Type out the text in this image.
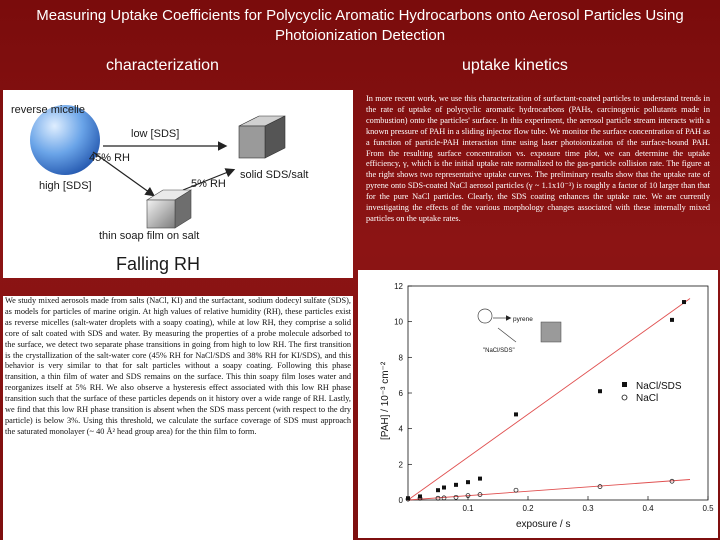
Measuring Uptake Coefficients for Polycyclic Aromatic Hydrocarbons onto Aerosol Particles Using Photoionization Detection
characterization	uptake kinetics
reverse micelle
low [SDS]
45% RH
high [SDS]	5% RH
solid SDS/salt
thin soap film on salt
Falling RH
We study mixed aerosols made from salts (NaCl, KI) and the surfactant, sodium dodecyl sulfate (SDS), as models for particles of marine origin. At high values of relative humidity (RH), these particles exist as reverse micelles (salt-water droplets with a soapy coating), while at low RH, they comprise a solid core of salt coated with SDS and water. By measuring the properties of a probe molecule adsorbed to the surface, we detect two separate phase transitions in going from high to low RH. The first transition is the crystallization of the salt-water core (45% RH for NaCl/SDS and 38% RH for KI/SDS), and this behavior is very similar to that for salt particles without a soapy coating. Following this phase transition, a thin film of water and SDS remains on the surface. This thin soapy film loses water and reorganizes itself at 5% RH. We also observe a hysteresis effect associated with this low RH phase transition such that the surface of these particles depends on it history over a wide range of RH. Lastly, we find that this low RH phase transition is absent when the SDS mass percent (with respect to the dry particle) is below 3%. Using this threshold, we calculate the surface coverage of SDS must approach the saturated monolayer (~ 40 Å² head group area) for the thin film to form.
In more recent work, we use this characterization of surfactant-coated particles to understand trends in the rate of uptake of polycyclic aromatic hydrocarbons (PAHs, carcinogenic pollutants made in combustion) onto the particles' surface. In this experiment, the aerosol particle stream interacts with a known pressure of PAH in a sliding injector flow tube. We monitor the surface concentration of PAH as a function of particle-PAH interaction time using laser photoionization of the surface-bound PAH. From the resulting surface concentration vs. exposure time plot, we can determine the uptake efficiency, γ, which is the initial uptake rate normalized to the gas-particle collision rate. The figure at the right shows two representative uptake curves. The preliminary results show that the uptake rate of pyrene onto SDS-coated NaCl aerosol particles (γ ~ 1.1x10⁻³) is roughly a factor of 10 larger than that for the pure NaCl particles. Clearly, the SDS coating enhances the uptake rate. We are currently investigating the effects of the various morphology changes associated with these internally mixed particles on the uptake rates.
0
2
4
6
8
10
12
0.1	0.2	0.3	0.4	0.5
pyrene
"NaCl/SDS"
NaCl/SDS
NaCl
exposure / s
[PAH] / 10⁻³ cm⁻²
